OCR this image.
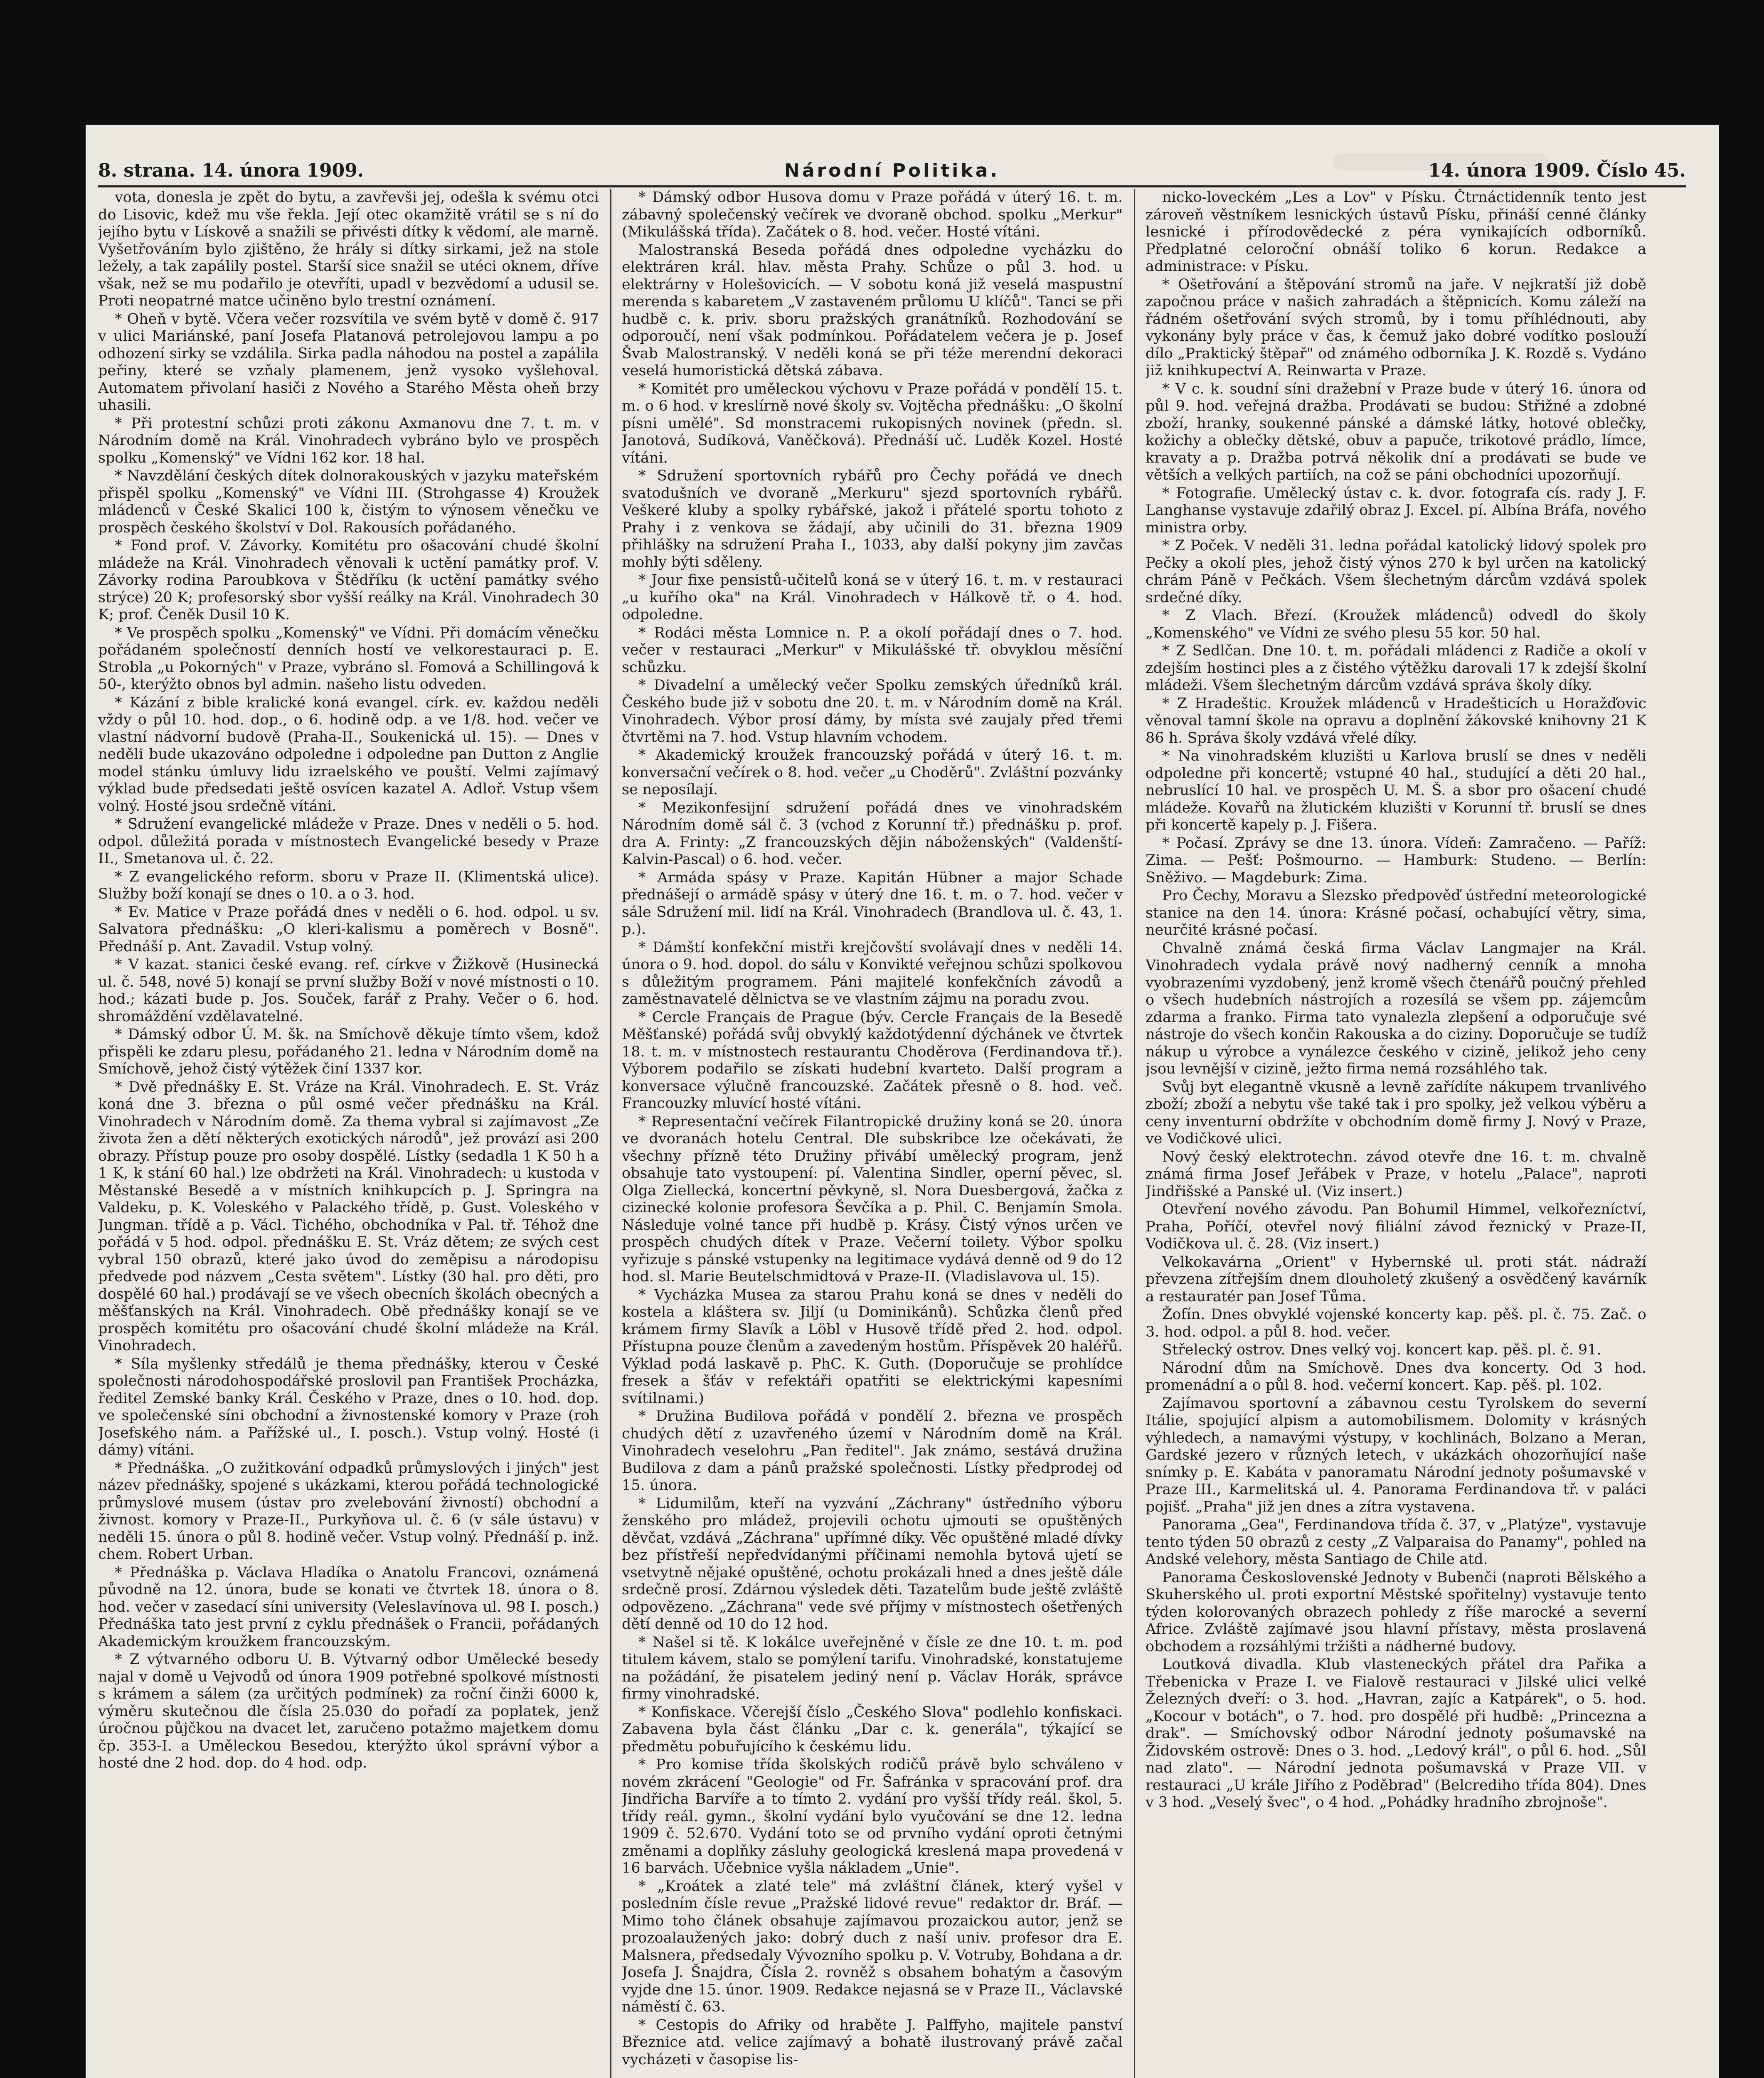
8. strana. 14. února 1909.	Národní Politika.	14. února 1909. Číslo 45.

vota, donesla je zpět do bytu, a zavřevši jej, odešla k svému otci do Lisovic, kdež mu vše řekla. Její otec okamžitě vrátil se s ní do jejího bytu v Lískově a snažili se přivésti dítky k vědomí, ale marně. Vyšetřováním bylo zjištěno, že hrály si dítky sirkami, jež na stole ležely, a tak zapálily postel. Starší sice snažil se utéci oknem, dříve však, než se mu podařilo je otevříti, upadl v bezvědomí a udusil se. Proti neopatrné matce učiněno bylo trestní oznámení.

* Oheň v bytě. Včera večer rozsvítila ve svém bytě v domě č. 917 v ulici Mariánské, paní Josefa Platanová petrolejovou lampu a po odhození sirky se vzdálila. Sirka padla náhodou na postel a zapálila peřiny, které se vzňaly plamenem, jenž vysoko vyšlehoval. Automatem přivolaní hasiči z Nového a Starého Města oheň brzy uhasili.

* Při protestní schůzi proti zákonu Axmanovu dne 7. t. m. v Národním domě na Král. Vinohradech vybráno bylo ve prospěch spolku „Komenský" ve Vídni 162 kor. 18 hal.

* Navzdělání českých dítek dolnorakouských v jazyku mateřském přispěl spolku „Komenský" ve Vídni III. (Strohgasse 4) Kroužek mládenců v České Skalici 100 k, čistým to výnosem věnečku ve prospěch českého školství v Dol. Rakousích pořádaného.

* Fond prof. V. Závorky. Komitétu pro ošacování chudé školní mládeže na Král. Vinohradech věnovali k uctění památky prof. V. Závorky rodina Paroubkova v Štědříku (k uctění památky svého strýce) 20 K; profesorský sbor vyšší reálky na Král. Vinohradech 30 K; prof. Čeněk Dusil 10 K.

* Ve prospěch spolku „Komenský" ve Vídni. Při domácím věnečku pořádaném společností denních hostí ve velkorestauraci p. E. Strobla „u Pokorných" v Praze, vybráno sl. Fomová a Schillingová k 50-, kterýžto obnos byl admin. našeho listu odveden.

* Kázání z bible kralické koná evangel. círk. ev. každou neděli vždy o půl 10. hod. dop., o 6. hodině odp. a ve 1/8. hod. večer ve vlastní nádvorní budově (Praha-II., Soukenická ul. 15). — Dnes v neděli bude ukazováno odpoledne i odpoledne pan Dutton z Anglie model stánku úmluvy lidu izraelského ve pouští. Velmi zajímavý výklad bude předsedati ještě osvícen kazatel A. Adloř. Vstup všem volný. Hosté jsou srdečně vítáni.

* Sdružení evangelické mládeže v Praze. Dnes v neděli o 5. hod. odpol. důležitá porada v místnostech Evangelické besedy v Praze II., Smetanova ul. č. 22.

* Z evangelického reform. sboru v Praze II. (Klimentská ulice). Služby boží konají se dnes o 10. a o 3. hod.

* Ev. Matice v Praze pořádá dnes v neděli o 6. hod. odpol. u sv. Salvatora přednášku: „O kleri-kalismu a poměrech v Bosně". Přednáší p. Ant. Zavadil. Vstup volný.

* V kazat. stanici české evang. ref. církve v Žižkově (Husinecká ul. č. 548, nové 5) konají se první služby Boží v nové místnosti o 10. hod.; kázati bude p. Jos. Souček, farář z Prahy. Večer o 6. hod. shromáždění vzdělavatelné.

* Dámský odbor Ú. M. šk. na Smíchově děkuje tímto všem, kdož přispěli ke zdaru plesu, pořádaného 21. ledna v Národním domě na Smíchově, jehož čistý výtěžek činí 1337 kor.

* Dvě přednášky E. St. Vráze na Král. Vinohradech. E. St. Vráz koná dne 3. března o půl osmé večer přednášku na Král. Vinohradech v Národním domě. Za thema vybral si zajímavost „Ze života žen a dětí některých exotických národů", jež provází asi 200 obrazy. Přístup pouze pro osoby dospělé. Lístky (sedadla 1 K 50 h a 1 K, k stání 60 hal.) lze obdržeti na Král. Vinohradech: u kustoda v Městanské Besedě a v místních knihkupcích p. J. Springra na Valdeku, p. K. Voleského v Palackého třídě, p. Gust. Voleského v Jungman. třídě a p. Václ. Tichého, obchodníka v Pal. tř. Téhož dne pořádá v 5 hod. odpol. přednášku E. St. Vráz dětem; ze svých cest vybral 150 obrazů, které jako úvod do zeměpisu a národopisu předvede pod názvem „Cesta světem". Lístky (30 hal. pro děti, pro dospělé 60 hal.) prodávají se ve všech obecních školách obecných a měšťanských na Král. Vinohradech. Obě přednášky konají se ve prospěch komitétu pro ošacování chudé školní mládeže na Král. Vinohradech.

* Síla myšlenky středálů je thema přednášky, kterou v České společnosti národohospodářské proslovil pan František Procházka, ředitel Zemské banky Král. Českého v Praze, dnes o 10. hod. dop. ve společenské síni obchodní a živnostenské komory v Praze (roh Josefského nám. a Pařížské ul., I. posch.). Vstup volný. Hosté (i dámy) vítáni.

* Přednáška. „O zužitkování odpadků průmyslových i jiných" jest název přednášky, spojené s ukázkami, kterou pořádá technologické průmyslové musem (ústav pro zvelebování živností) obchodní a živnost. komory v Praze-II., Purkyňova ul. č. 6 (v sále ústavu) v neděli 15. února o půl 8. hodině večer. Vstup volný. Přednáší p. inž. chem. Robert Urban.

* Přednáška p. Václava Hladíka o Anatolu Francovi, oznámená původně na 12. února, bude se konati ve čtvrtek 18. února o 8. hod. večer v zasedací síni university (Veleslavínova ul. 98 I. posch.) Přednáška tato jest první z cyklu přednášek o Francii, pořádaných Akademickým kroužkem francouzským.

* Z výtvarného odboru U. B. Výtvarný odbor Umělecké besedy najal v domě u Vejvodů od února 1909 potřebné spolkové místnosti s krámem a sálem (za určitých podmínek) za roční činži 6000 k, výměru skutečnou dle čísla 25.030 do pořadí za poplatek, jenž úročnou půjčkou na dvacet let, zaručeno potažmo majetkem domu čp. 353-I. a Uměleckou Besedou, kterýžto úkol správní výbor a hosté dne 2 hod. dop. do 4 hod. odp.

* Dámský odbor Husova domu v Praze pořádá v úterý 16. t. m. zábavný společenský večírek ve dvoraně obchod. spolku „Merkur" (Mikulášská třída). Začátek o 8. hod. večer. Hosté vítáni.

Malostranská Beseda pořádá dnes odpoledne vycházku do elektráren král. hlav. města Prahy. Schůze o půl 3. hod. u elektrárny v Holešovicích. — V sobotu koná již veselá maspustní merenda s kabaretem „V zastaveném průlomu U klíčů". Tanci se při hudbě c. k. priv. sboru pražských granátníků. Rozhodování se odporoučí, není však podmínkou. Pořádatelem večera je p. Josef Švab Malostranský. V neděli koná se při téže merendní dekoraci veselá humoristická dětská zábava.

* Komitét pro uměleckou výchovu v Praze pořádá v pondělí 15. t. m. o 6 hod. v kreslírně nové školy sv. Vojtěcha přednášku: „O školní písni umělé". Sd monstracemi rukopisných novinek (předn. sl. Janotová, Sudíková, Vaněčková). Přednáší uč. Luděk Kozel. Hosté vítáni.

* Sdružení sportovních rybářů pro Čechy pořádá ve dnech svatodušních ve dvoraně „Merkuru" sjezd sportovních rybářů. Veškeré kluby a spolky rybářské, jakož i přátelé sportu tohoto z Prahy i z venkova se žádají, aby učinili do 31. března 1909 přihlášky na sdružení Praha I., 1033, aby další pokyny jim zavčas mohly býti sděleny.

* Jour fixe pensistů-učitelů koná se v úterý 16. t. m. v restauraci „u kuřího oka" na Král. Vinohradech v Hálkově tř. o 4. hod. odpoledne.

* Rodáci města Lomnice n. P. a okolí pořádají dnes o 7. hod. večer v restauraci „Merkur" v Mikulášské tř. obvyklou měsíční schůzku.

* Divadelní a umělecký večer Spolku zemských úředníků král. Českého bude již v sobotu dne 20. t. m. v Národním domě na Král. Vinohradech. Výbor prosí dámy, by místa své zaujaly před třemi čtvrtěmi na 7. hod. Vstup hlavním vchodem.

* Akademický kroužek francouzský pořádá v úterý 16. t. m. konversační večírek o 8. hod. večer „u Choděrů". Zvláštní pozvánky se neposílají.

* Mezikonfesijní sdružení pořádá dnes ve vinohradském Národním domě sál č. 3 (vchod z Korunní tř.) přednášku p. prof. dra A. Frinty: „Z francouzských dějin náboženských" (Valdenští-Kalvin-Pascal) o 6. hod. večer.

* Armáda spásy v Praze. Kapitán Hübner a major Schade přednášejí o armádě spásy v úterý dne 16. t. m. o 7. hod. večer v sále Sdružení mil. lidí na Král. Vinohradech (Brandlova ul. č. 43, 1. p.).

* Dámští konfekční mistři krejčovští svolávají dnes v neděli 14. února o 9. hod. dopol. do sálu v Konvikté veřejnou schůzi spolkovou s důležitým programem. Páni majitelé konfekčních závodů a zaměstnavatelé dělnictva se ve vlastním zájmu na poradu zvou.

* Cercle Français de Prague (býv. Cercle Français de la Besedě Měšťanské) pořádá svůj obvyklý každotýdenní dýchánek ve čtvrtek 18. t. m. v místnostech restaurantu Choděrova (Ferdinandova tř.). Výborem podařilo se získati hudební kvarteto. Další program a konversace výlučně francouzské. Začátek přesně o 8. hod. več. Francouzky mluvící hosté vítáni.

* Representační večírek Filantropické družiny koná se 20. února ve dvoranách hotelu Central. Dle subskribce lze očekávati, že všechny přízně této Družiny přivábí umělecký program, jenž obsahuje tato vystoupení: pí. Valentina Sindler, operní pěvec, sl. Olga Ziellecká, koncertní pěvkyně, sl. Nora Duesbergová, žačka z cizinecké kolonie profesora Ševčíka a p. Phil. C. Benjamín Smola. Následuje volné tance při hudbě p. Krásy. Čistý výnos určen ve prospěch chudých dítek v Praze. Večerní toilety. Výbor spolku vyřizuje s pánské vstupenky na legitimace vydává denně od 9 do 12 hod. sl. Marie Beutelschmidtová v Praze-II. (Vladislavova ul. 15).

* Vycházka Musea za starou Prahu koná se dnes v neděli do kostela a kláštera sv. Jiljí (u Dominikánů). Schůzka členů před krámem firmy Slavík a Löbl v Husově třídě před 2. hod. odpol. Přístupna pouze členům a zavedeným hostům. Příspěvek 20 haléřů. Výklad podá laskavě p. PhC. K. Guth. (Doporučuje se prohlídce fresek a šťáv v refektáři opatřiti se elektrickými kapesními svítilnami.)

* Družina Budilova pořádá v pondělí 2. března ve prospěch chudých dětí z uzavřeného území v Národním domě na Král. Vinohradech veselohru „Pan ředitel". Jak známo, sestává družina Budilova z dam a pánů pražské společnosti. Lístky předprodej od 15. února.

* Lidumilům, kteří na vyzvání „Záchrany" ústředního výboru ženského pro mládež, projevili ochotu ujmouti se opuštěných děvčat, vzdává „Záchrana" upřímné díky. Věc opuštěné mladé dívky bez přístřeší nepředvídanými příčinami nemohla bytová ujetí se vsetvytně nějaké opuštěné, ochotu prokázali hned a dnes ještě dále srdečně prosí. Zdárnou výsledek děti. Tazatelům bude ještě zvláště odpovězeno. „Záchrana" vede své příjmy v místnostech ošetřených dětí denně od 10 do 12 hod.

* Našel si tě. K lokálce uveřejněné v čísle ze dne 10. t. m. pod titulem kávem, stalo se pomýlení tarifu. Vinohradské, konstatujeme na požádání, že pisatelem jediný není p. Václav Horák, správce firmy vinohradské.

* Konfiskace. Včerejší číslo „Českého Slova" podlehlo konfiskaci. Zabavena byla část článku „Dar c. k. generála", týkající se předmětu pobuřujícího k českému lidu.

* Pro komise třída školských rodičů právě bylo schváleno v novém zkrácení "Geologie" od Fr. Šafránka v spracování prof. dra Jindřicha Barvíře a to tímto 2. vydání pro vyšší třídy reál. škol, 5. třídy reál. gymn., školní vydání bylo vyučování se dne 12. ledna 1909 č. 52.670. Vydání toto se od prvního vydání oproti četnými změnami a doplňky zásluhy geologická kreslená mapa provedená v 16 barvách. Učebnice vyšla nákladem „Unie".

* „Kroátek a zlaté tele" má zvláštní článek, který vyšel v posledním čísle revue „Pražské lidové revue" redaktor dr. Bráf. — Mimo toho článek obsahuje zajímavou prozaickou autor, jenž se prozoalaužených jako: dobrý duch z naší univ. profesor dra E. Malsnera, předsedaly Vývozního spolku p. V. Votruby, Bohdana a dr. Josefa J. Šnajdra, Čísla 2. rovněž s obsahem bohatým a časovým vyjde dne 15. únor. 1909. Redakce nejasná se v Praze II., Václavské náměstí č. 63.

* Cestopis do Afriky od hraběte J. Palffyho, majitele panství Březnice atd. velice zajímavý a bohatě ilustrovaný právě začal vycházeti v časopise lis-

nicko-loveckém „Les a Lov" v Písku. Čtrnáctidenník tento jest zároveň věstníkem lesnických ústavů Písku, přináší cenné články lesnické i přírodovědecké z péra vynikajících odborníků. Předplatné celoroční obnáší toliko 6 korun. Redakce a administrace: v Písku.

* Ošetřování a štěpování stromů na jaře. V nejkratší již době započnou práce v našich zahradách a štěpnicích. Komu záleží na řádném ošetřování svých stromů, by i tomu příhlédnouti, aby vykonány byly práce v čas, k čemuž jako dobré vodítko poslouží dílo „Praktický štěpař" od známého odborníka J. K. Rozdě s. Vydáno již knihkupectví A. Reinwarta v Praze.

* V c. k. soudní síni dražební v Praze bude v úterý 16. února od půl 9. hod. veřejná dražba. Prodávati se budou: Střižné a zdobné zboží, hranky, soukenné pánské a dámské látky, hotové oblečky, kožichy a oblečky dětské, obuv a papuče, trikotové prádlo, límce, kravaty a p. Dražba potrvá několik dní a prodávati se bude ve větších a velkých partiích, na což se páni obchodníci upozorňují.

* Fotografie. Umělecký ústav c. k. dvor. fotografa cís. rady J. F. Langhanse vystavuje zdařilý obraz J. Excel. pí. Albína Bráfa, nového ministra orby.

* Z Poček. V neděli 31. ledna pořádal katolický lidový spolek pro Pečky a okolí ples, jehož čistý výnos 270 k byl určen na katolický chrám Páně v Pečkách. Všem šlechetným dárcům vzdává spolek srdečné díky.

* Z Vlach. Březí. (Kroužek mládenců) odvedl do školy „Komenského" ve Vídni ze svého plesu 55 kor. 50 hal.

* Z Sedlčan. Dne 10. t. m. pořádali mládenci z Radiče a okolí v zdejším hostinci ples a z čistého výtěžku darovali 17 k zdejší školní mládeži. Všem šlechetným dárcům vzdává správa školy díky.

* Z Hradeštic. Kroužek mládenců v Hradešticích u Horažďovic věnoval tamní škole na opravu a doplnění žákovské knihovny 21 K 86 h. Správa školy vzdává vřelé díky.

* Na vinohradském kluzišti u Karlova bruslí se dnes v neděli odpoledne při koncertě; vstupné 40 hal., studující a děti 20 hal., nebruslící 10 hal. ve prospěch U. M. Š. a sbor pro ošacení chudé mládeže. Kovařů na žlutickém kluzišti v Korunní tř. bruslí se dnes při koncertě kapely p. J. Fišera.

* Počasí. Zprávy se dne 13. února. Vídeň: Zamračeno. — Paříž: Zima. — Pešť: Pošmourno. — Hamburk: Studeno. — Berlín: Sněživo. — Magdeburk: Zima.

Pro Čechy, Moravu a Slezsko předpověď ústřední meteorologické stanice na den 14. února: Krásné počasí, ochabující větry, sima, neurčité krásné počasí.

Chvalně známá česká firma Václav Langmajer na Král. Vinohradech vydala právě nový nadherný cenník a mnoha vyobrazeními vyzdobený, jenž kromě všech čtenářů poučný přehled o všech hudebních nástrojích a rozesílá se všem pp. zájemcům zdarma a franko. Firma tato vynalezla zlepšení a odporučuje své nástroje do všech končin Rakouska a do ciziny. Doporučuje se tudíž nákup u výrobce a vynálezce českého v cizině, jelikož jeho ceny jsou levnější v cizině, ježto firma nemá rozsáhlého tak.

Svůj byt elegantně vkusně a levně zařídíte nákupem trvanlivého zboží; zboží a nebytu vše také tak i pro spolky, jež velkou výběru a ceny inventurní obdržíte v obchodním domě firmy J. Nový v Praze, ve Vodičkové ulici.

Nový český elektrotechn. závod otevře dne 16. t. m. chvalně známá firma Josef Jeřábek v Praze, v hotelu „Palace", naproti Jindřišské a Panské ul. (Viz insert.)

Otevření nového závodu. Pan Bohumil Himmel, velkořezníctví, Praha, Poříčí, otevřel nový filiální závod řeznický v Praze-II, Vodičkova ul. č. 28. (Viz insert.)

Velkokavárna „Orient" v Hybernské ul. proti stát. nádraží převzena zítřejším dnem dlouholetý zkušený a osvědčený kavárník a restauratér pan Josef Tůma.

Žofín. Dnes obvyklé vojenské koncerty kap. pěš. pl. č. 75. Zač. o 3. hod. odpol. a půl 8. hod. večer.

Střelecký ostrov. Dnes velký voj. koncert kap. pěš. pl. č. 91.

Národní dům na Smíchově. Dnes dva koncerty. Od 3 hod. promenádní a o půl 8. hod. večerní koncert. Kap. pěš. pl. 102.

Zajímavou sportovní a zábavnou cestu Tyrolskem do severní Itálie, spojující alpism a automobilismem. Dolomity v krásných výhledech, a namavými výstupy, v kochlinách, Bolzano a Meran, Gardské jezero v různých letech, v ukázkách ohozorňující naše snímky p. E. Kabáta v panoramatu Národní jednoty pošumavské v Praze III., Karmelitská ul. 4. Panorama Ferdinandova tř. v paláci pojišť. „Praha" již jen dnes a zítra vystavena.

Panorama „Gea", Ferdinandova třída č. 37, v „Platýze", vystavuje tento týden 50 obrazů z cesty „Z Valparaisa do Panamy", pohled na Andské velehory, města Santiago de Chile atd.

Panorama Československé Jednoty v Bubenči (naproti Bělského a Skuherského ul. proti exportní Městské spořitelny) vystavuje tento týden kolorovaných obrazech pohledy z říše marocké a severní Africe. Zvláště zajímavé jsou hlavní přístavy, města proslavená obchodem a rozsáhlými tržišti a nádherné budovy.

Loutková divadla. Klub vlasteneckých přátel dra Pařika a Třebenicka v Praze I. ve Fialově restauraci v Jilské ulici velké Železných dveří: o 3. hod. „Havran, zajíc a Katpárek", o 5. hod. „Kocour v botách", o 7. hod. pro dospělé při hudbě: „Princezna a drak". — Smíchovský odbor Národní jednoty pošumavské na Židovském ostrově: Dnes o 3. hod. „Ledový král", o půl 6. hod. „Sůl nad zlato". — Národní jednota pošumavská v Praze VII. v restauraci „U krále Jiřího z Poděbrad" (Belcrediho třída 804). Dnes v 3 hod. „Veselý švec", o 4 hod. „Pohádky hradního zbrojnoše".
